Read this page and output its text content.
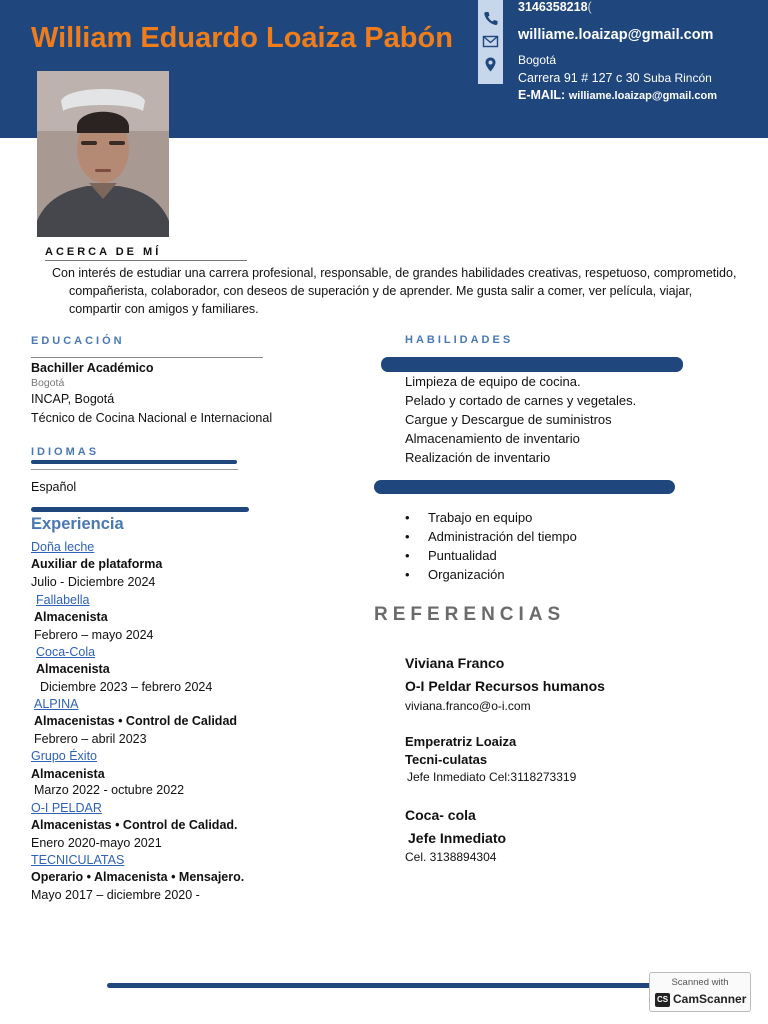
William Eduardo Loaiza Pabón
3146358218(
williame.loaizap@gmail.com
Bogotá
Carrera 91 # 127 c 30 Suba Rincón
E-MAIL: williame.loaizap@gmail.com
ACERCA DE MÍ
Con interés de estudiar una carrera profesional, responsable, de grandes habilidades creativas, respetuoso, comprometido,
compañerista, colaborador, con deseos de superación y de aprender. Me gusta salir a comer, ver película, viajar,
compartir con amigos y familiares.
EDUCACIÓN
Bachiller Académico
Bogotá
INCAP, Bogotá
Técnico de Cocina Nacional e Internacional
IDIOMAS
Español
Experiencia
Doña leche
Auxiliar de plataforma
Julio - Diciembre 2024
Fallabella
Almacenista
Febrero – mayo 2024
Coca-Cola
Almacenista
Diciembre 2023 – febrero 2024
ALPINA
Almacenistas • Control de Calidad
Febrero – abril 2023
Grupo Éxito
Almacenista
Marzo 2022 - octubre 2022
O-I PELDAR
Almacenistas • Control de Calidad.
Enero 2020-mayo 2021
TECNICULATAS
Operario • Almacenista • Mensajero.
Mayo 2017 – diciembre 2020 -
HABILIDADES
Limpieza de equipo de cocina.
Pelado y cortado de carnes y vegetales.
Cargue y Descargue de suministros
Almacenamiento de inventario
Realización de inventario
• Trabajo en equipo
• Administración del tiempo
• Puntualidad
• Organización
REFERENCIAS
Viviana Franco
O-I Peldar Recursos humanos
viviana.franco@o-i.com
Emperatriz Loaiza
Tecni-culatas
Jefe Inmediato Cel:3118273319
Coca- cola
Jefe Inmediato
Cel. 3138894304
Scanned with
CS CamScanner
